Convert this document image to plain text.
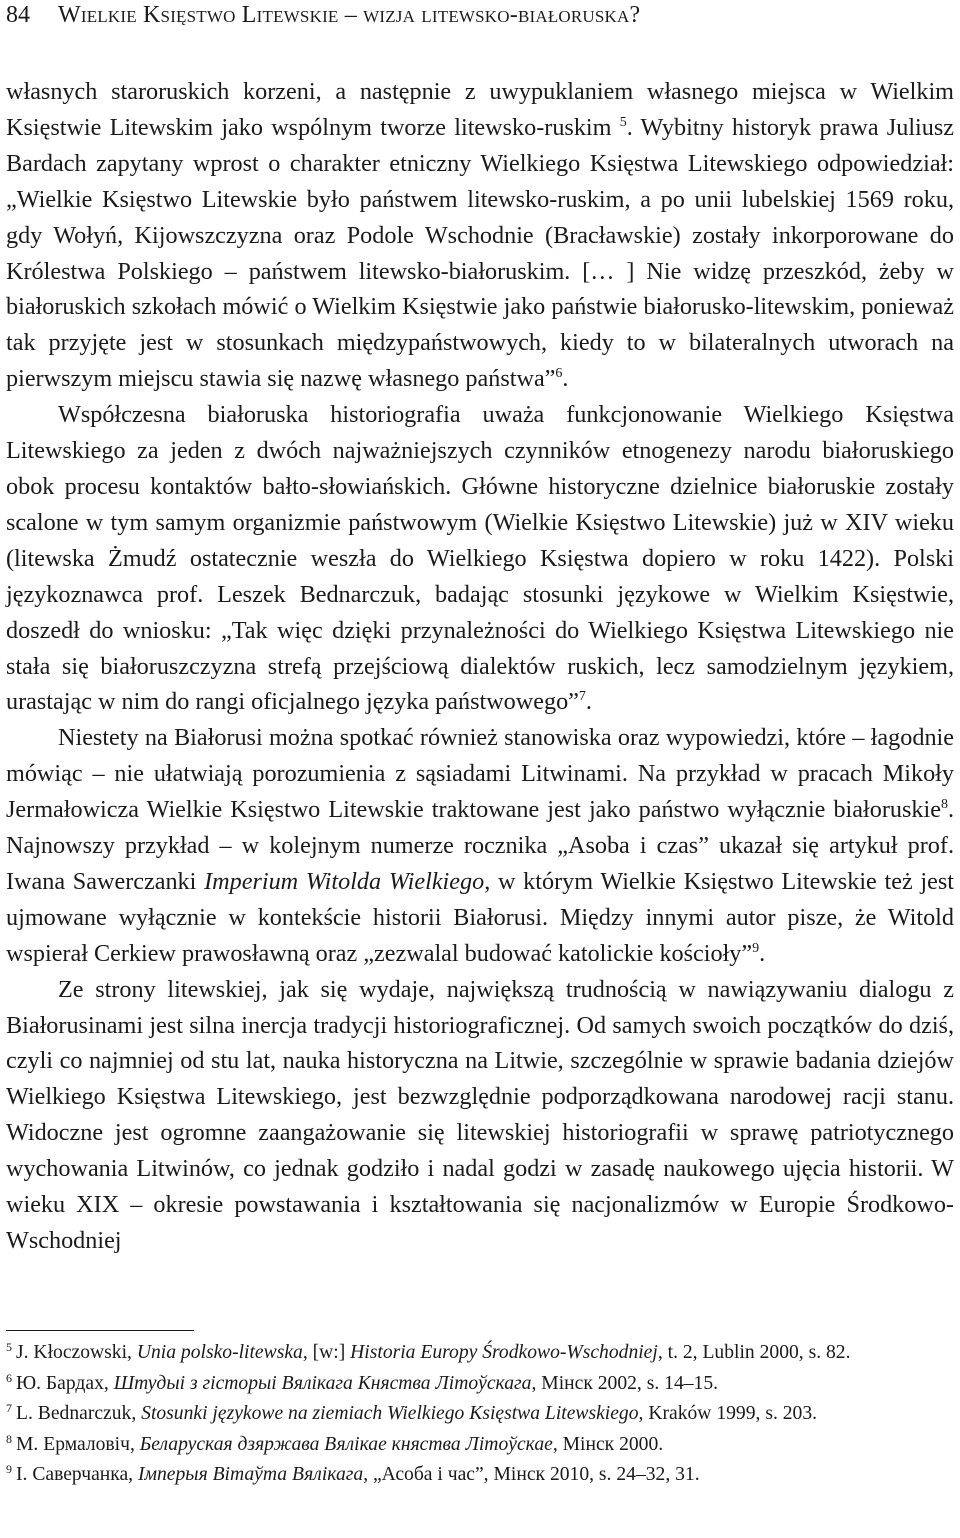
84 Wielkie Księstwo Litewskie – wizja litewsko-białoruska?

własnych staroruskich korzeni, a następnie z uwypuklaniem własnego miejsca w Wielkim Księstwie Litewskim jako wspólnym tworze litewsko-ruskim $^5$. Wybitny historyk prawa Juliusz Bardach zapytany wprost o charakter etniczny Wielkiego Księstwa Litewskiego odpowiedział: „Wielkie Księstwo Litewskie było państwem litewsko-ruskim, a po unii lubelskiej 1569 roku, gdy Wołyń, Kijowszczyzna oraz Podole Wschodnie (Bracławskie) zostały inkorporowane do Królestwa Polskiego – państwem litewsko-białoruskim. [… ] Nie widzę przeszkód, żeby w białoruskich szkołach mówić o Wielkim Księstwie jako państwie białorusko-litewskim, ponieważ tak przyjęte jest w stosunkach międzypaństwowych, kiedy to w bilateralnych utworach na pierwszym miejscu stawia się nazwę własnego państwa”$^6$.

Współczesna białoruska historiografia uważa funkcjonowanie Wielkiego Księstwa Litewskiego za jeden z dwóch najważniejszych czynników etnogenezy narodu białoruskiego obok procesu kontaktów bałto-słowiańskich. Główne historyczne dzielnice białoruskie zostały scalone w tym samym organizmie państwowym (Wielkie Księstwo Litewskie) już w XIV wieku (litewska Żmudź ostatecznie weszła do Wielkiego Księstwa dopiero w roku 1422). Polski językoznawca prof. Leszek Bednarczuk, badając stosunki językowe w Wielkim Księstwie, doszedł do wniosku: „Tak więc dzięki przynależności do Wielkiego Księstwa Litewskiego nie stała się białoruszczyzna strefą przejściową dialektów ruskich, lecz samodzielnym językiem, urastając w nim do rangi oficjalnego języka państwowego”$^7$.

Niestety na Białorusi można spotkać również stanowiska oraz wypowiedzi, które – łagodnie mówiąc – nie ułatwiają porozumienia z sąsiadami Litwinami. Na przykład w pracach Mikoły Jermałowicza Wielkie Księstwo Litewskie traktowane jest jako państwo wyłącznie białoruskie$^8$. Najnowszy przykład – w kolejnym numerze rocznika „Asoba i czas” ukazał się artykuł prof. Iwana Sawerczanki Imperium Witolda Wielkiego, w którym Wielkie Księstwo Litewskie też jest ujmowane wyłącznie w kontekście historii Białorusi. Między innymi autor pisze, że Witold wspierał Cerkiew prawosławną oraz „zezwalal budować katolickie kościoły”$^9$.

Ze strony litewskiej, jak się wydaje, największą trudnością w nawiązywaniu dialogu z Białorusinami jest silna inercja tradycji historiograficznej. Od samych swoich początków do dziś, czyli co najmniej od stu lat, nauka historyczna na Litwie, szczególnie w sprawie badania dziejów Wielkiego Księstwa Litewskiego, jest bezwzględnie podporządkowana narodowej racji stanu. Widoczne jest ogromne zaangażowanie się litewskiej historiografii w sprawę patriotycznego wychowania Litwinów, co jednak godziło i nadal godzi w zasadę naukowego ujęcia historii. W wieku XIX – okresie powstawania i kształtowania się nacjonalizmów w Europie Środkowo-Wschodniej

$^5$ J. Kłoczowski, Unia polsko-litewska, [w:] Historia Europy Środkowo-Wschodniej, t. 2, Lublin 2000, s. 82.

$^6$ Ю. Бардах, Штудыі з гісторыі Вялікага Княства Літоўскага, Мінск 2002, s. 14–15.

$^7$ L. Bednarczuk, Stosunki językowe na ziemiach Wielkiego Księstwa Litewskiego, Kraków 1999, s. 203.

$^8$ M. Ермаловіч, Беларуская дзяржава Вялікае княства Літоўскае, Мінск 2000.

$^9$ I. Саверчанка, Імперыя Вітаўта Вялікага, „Асоба і час”, Мінск 2010, s. 24–32, 31.
